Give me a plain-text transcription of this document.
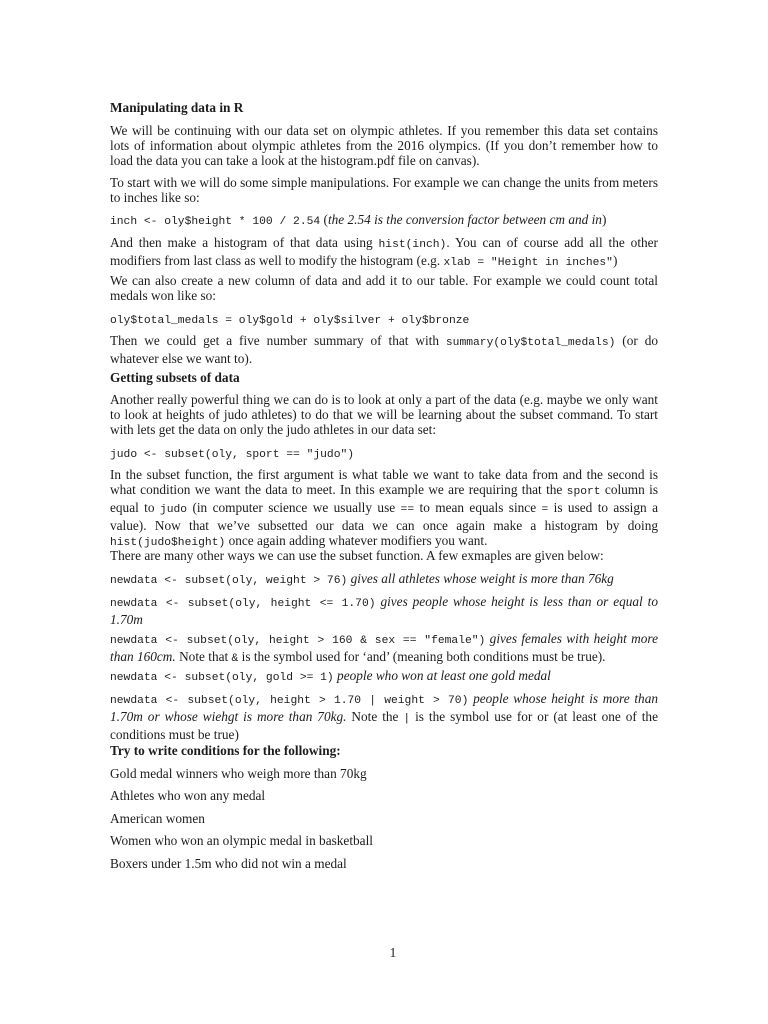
Manipulating data in R

We will be continuing with our data set on olympic athletes. If you remember this data set contains lots of information about olympic athletes from the 2016 olympics. (If you don’t remember how to load the data you can take a look at the histogram.pdf file on canvas).

To start with we will do some simple manipulations. For example we can change the units from meters to inches like so:

inch <- oly$height * 100 / 2.54 (the 2.54 is the conversion factor between cm and in)

And then make a histogram of that data using hist(inch). You can of course add all the other modifiers from last class as well to modify the histogram (e.g. xlab = "Height in inches")

We can also create a new column of data and add it to our table. For example we could count total medals won like so:

oly$total_medals = oly$gold + oly$silver + oly$bronze

Then we could get a five number summary of that with summary(oly$total_medals) (or do whatever else we want to).

Getting subsets of data

Another really powerful thing we can do is to look at only a part of the data (e.g. maybe we only want to look at heights of judo athletes) to do that we will be learning about the subset command. To start with lets get the data on only the judo athletes in our data set:

judo <- subset(oly, sport == "judo")

In the subset function, the first argument is what table we want to take data from and the second is what condition we want the data to meet. In this example we are requiring that the sport column is equal to judo (in computer science we usually use == to mean equals since = is used to assign a value). Now that we’ve subsetted our data we can once again make a histogram by doing hist(judo$height) once again adding whatever modifiers you want.

There are many other ways we can use the subset function. A few exmaples are given below:

newdata <- subset(oly, weight > 76) gives all athletes whose weight is more than 76kg

newdata <- subset(oly, height <= 1.70) gives people whose height is less than or equal to 1.70m

newdata <- subset(oly, height > 160 & sex == "female") gives females with height more than 160cm. Note that & is the symbol used for ‘and’ (meaning both conditions must be true).

newdata <- subset(oly, gold >= 1) people who won at least one gold medal

newdata <- subset(oly, height > 1.70 | weight > 70) people whose height is more than 1.70m or whose wiehgt is more than 70kg. Note the | is the symbol use for or (at least one of the conditions must be true)

Try to write conditions for the following:

Gold medal winners who weigh more than 70kg

Athletes who won any medal

American women

Women who won an olympic medal in basketball

Boxers under 1.5m who did not win a medal

1
